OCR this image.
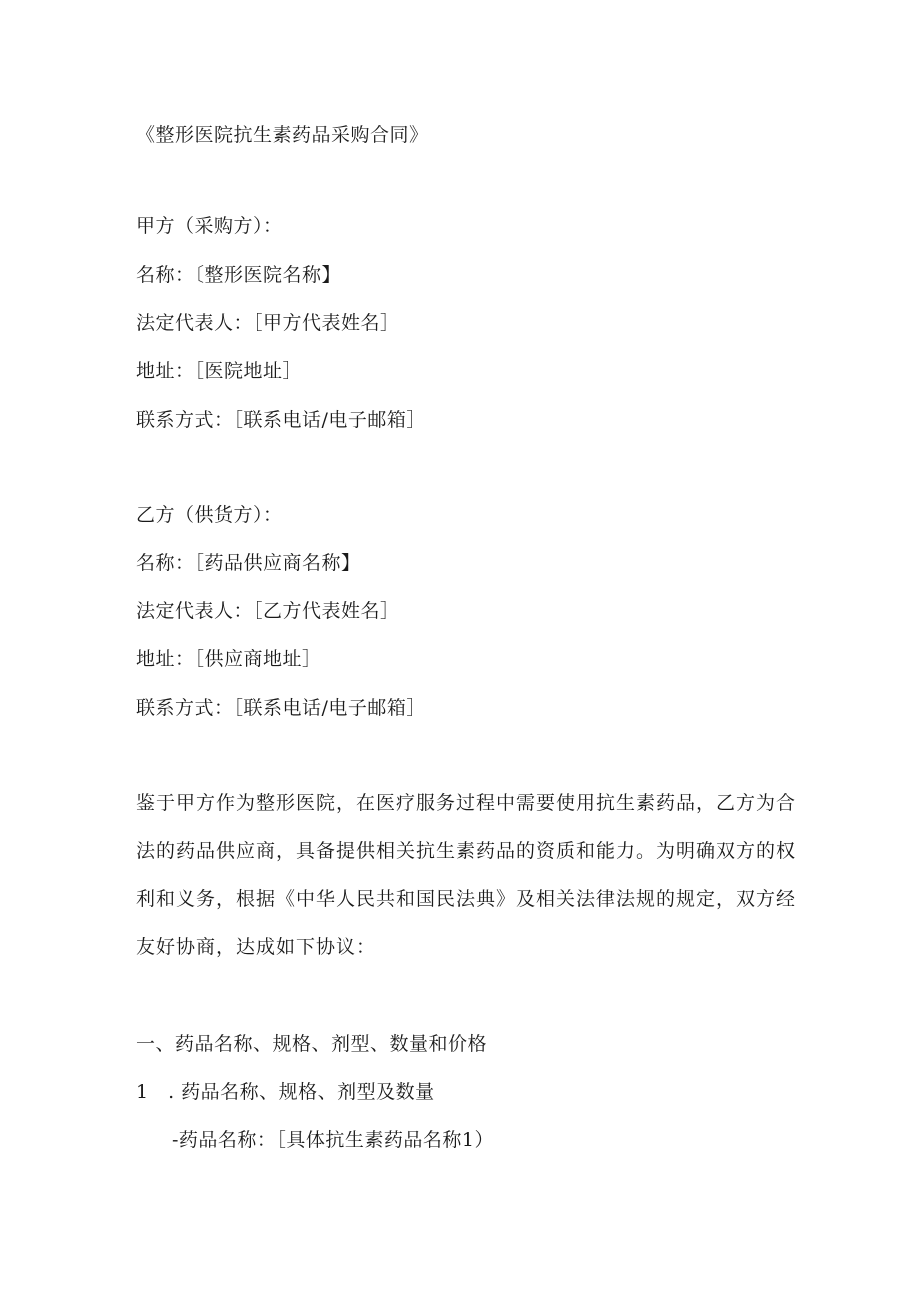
《整形医院抗生素药品采购合同》
甲方（采购方）：
名称：〔整形医院名称】
法定代表人：［甲方代表姓名］
地址：［医院地址］
联系方式：［联系电话/电子邮箱］
乙方（供货方）：
名称：［药品供应商名称】
法定代表人：［乙方代表姓名］
地址：［供应商地址］
联系方式：［联系电话/电子邮箱］
鉴于甲方作为整形医院，在医疗服务过程中需要使用抗生素药品，乙方为合法的药品供应商，具备提供相关抗生素药品的资质和能力。为明确双方的权利和义务，根据《中华人民共和国民法典》及相关法律法规的规定，双方经友好协商，达成如下协议：
一、药品名称、规格、剂型、数量和价格
1　. 药品名称、规格、剂型及数量
-药品名称：［具体抗生素药品名称1）
